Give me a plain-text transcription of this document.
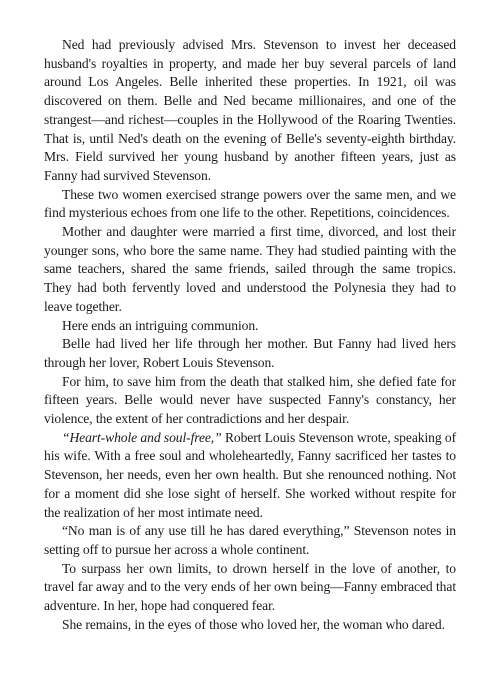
Ned had previously advised Mrs. Stevenson to invest her deceased husband's royalties in property, and made her buy several parcels of land around Los Angeles. Belle inherited these properties. In 1921, oil was discovered on them. Belle and Ned became millionaires, and one of the strangest—and richest—couples in the Hollywood of the Roaring Twenties. That is, until Ned's death on the evening of Belle's seventy-eighth birthday. Mrs. Field survived her young husband by another fifteen years, just as Fanny had survived Stevenson.

These two women exercised strange powers over the same men, and we find mysterious echoes from one life to the other. Repetitions, coincidences.

Mother and daughter were married a first time, divorced, and lost their younger sons, who bore the same name. They had studied painting with the same teachers, shared the same friends, sailed through the same tropics. They had both fervently loved and understood the Polynesia they had to leave together.

Here ends an intriguing communion.

Belle had lived her life through her mother. But Fanny had lived hers through her lover, Robert Louis Stevenson.

For him, to save him from the death that stalked him, she defied fate for fifteen years. Belle would never have suspected Fanny's constancy, her violence, the extent of her contradictions and her despair.

“Heart-whole and soul-free,” Robert Louis Stevenson wrote, speaking of his wife. With a free soul and wholeheartedly, Fanny sacrificed her tastes to Stevenson, her needs, even her own health. But she renounced nothing. Not for a moment did she lose sight of herself. She worked without respite for the realization of her most intimate need.

“No man is of any use till he has dared everything,” Stevenson notes in setting off to pursue her across a whole continent.

To surpass her own limits, to drown herself in the love of another, to travel far away and to the very ends of her own being—Fanny embraced that adventure. In her, hope had conquered fear.

She remains, in the eyes of those who loved her, the woman who dared.
